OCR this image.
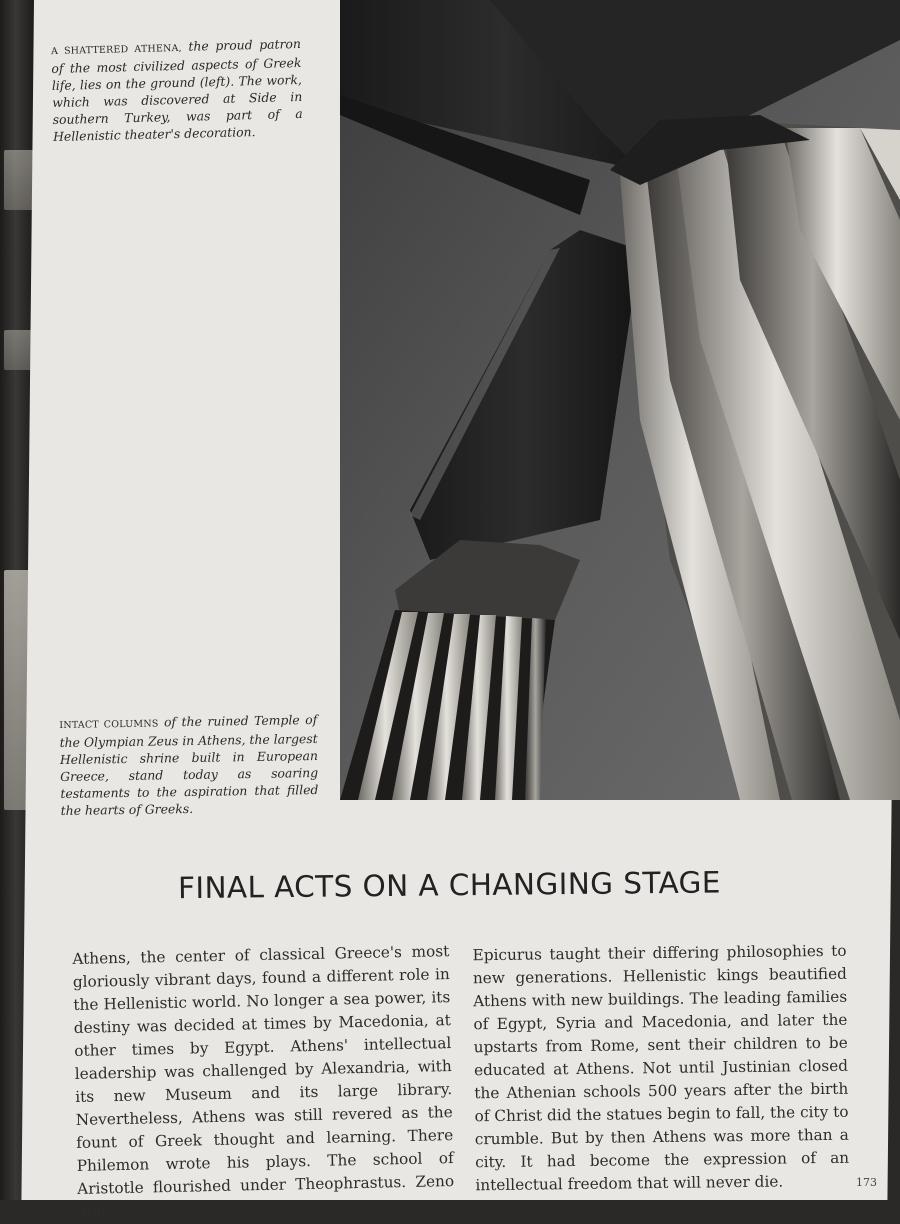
A SHATTERED ATHENA, the proud patron of the most civilized aspects of Greek life, lies on the ground (left). The work, which was discovered at Side in southern Turkey, was part of a Hellenistic theater's decoration.
INTACT COLUMNS of the ruined Temple of the Olympian Zeus in Athens, the largest Hellenistic shrine built in European Greece, stand today as soaring testaments to the aspiration that filled the hearts of Greeks.
FINAL ACTS ON A CHANGING STAGE
Athens, the center of classical Greece's most gloriously vibrant days, found a different role in the Hellenistic world. No longer a sea power, its destiny was decided at times by Macedonia, at other times by Egypt. Athens' intellectual leadership was challenged by Alexandria, with its new Museum and its large library. Nevertheless, Athens was still revered as the fount of Greek thought and learning. There Philemon wrote his plays. The school of Aristotle flourished under Theophrastus. Zeno and
Epicurus taught their differing philosophies to new generations. Hellenistic kings beautified Athens with new buildings. The leading families of Egypt, Syria and Macedonia, and later the upstarts from Rome, sent their children to be educated at Athens. Not until Justinian closed the Athenian schools 500 years after the birth of Christ did the statues begin to fall, the city to crumble. But by then Athens was more than a city. It had become the expression of an intellectual freedom that will never die.	173
